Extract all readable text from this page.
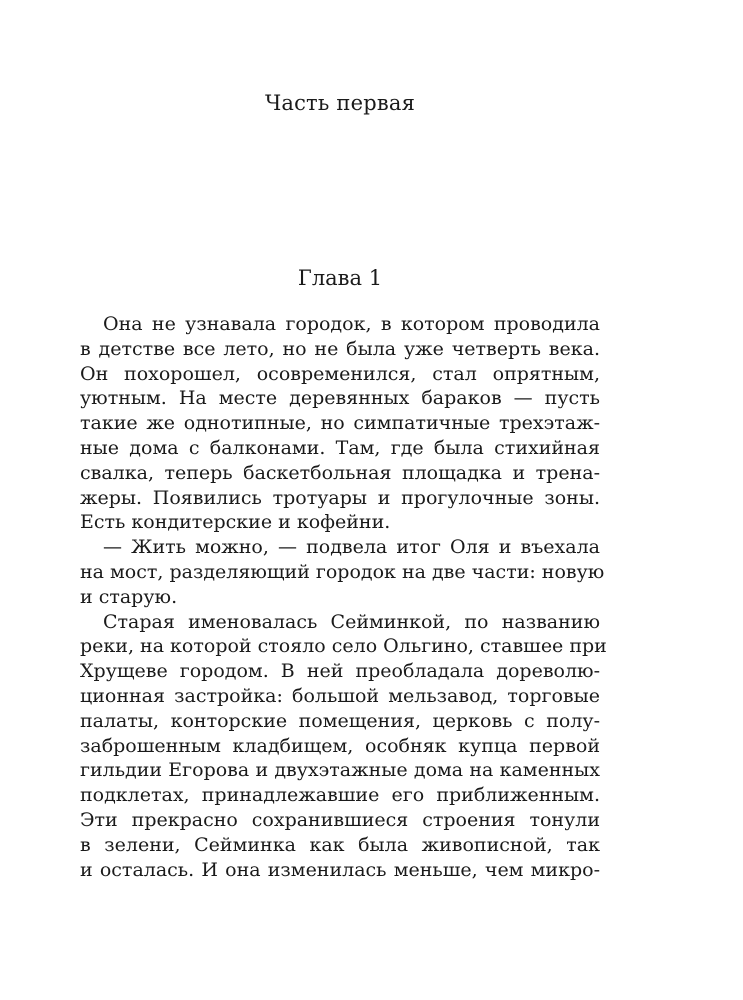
Часть первая
Глава 1
Она не узнавала городок, в котором проводила
в детстве все лето, но не была уже четверть века.
Он похорошел, осовременился, стал опрятным,
уютным. На месте деревянных бараков — пусть
такие же однотипные, но симпатичные трехэтаж-
ные дома с балконами. Там, где была стихийная
свалка, теперь баскетбольная площадка и трена-
жеры. Появились тротуары и прогулочные зоны.
Есть кондитерские и кофейни.
— Жить можно, — подвела итог Оля и въехала
на мост, разделяющий городок на две части: новую
и старую.
Старая именовалась Сейминкой, по названию
реки, на которой стояло село Ольгино, ставшее при
Хрущеве городом. В ней преобладала дореволю-
ционная застройка: большой мельзавод, торговые
палаты, конторские помещения, церковь с полу-
заброшенным кладбищем, особняк купца первой
гильдии Егорова и двухэтажные дома на каменных
подклетах, принадлежавшие его приближенным.
Эти прекрасно сохранившиеся строения тонули
в зелени, Сейминка как была живописной, так
и осталась. И она изменилась меньше, чем микро-
